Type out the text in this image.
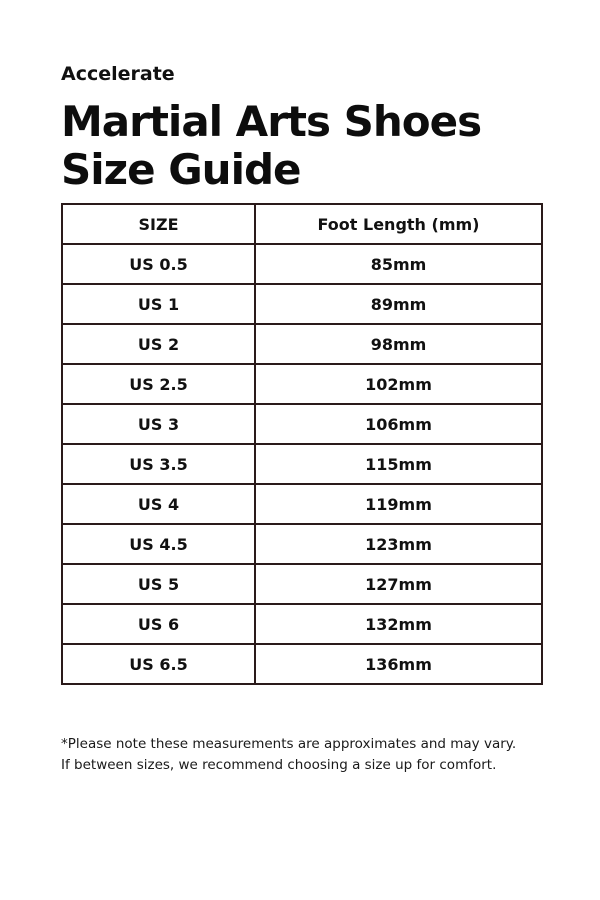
Accelerate

Martial Arts Shoes
Size Guide
SIZE	Foot Length (mm)
US 0.5	85mm
US 1	89mm
US 2	98mm
US 2.5	102mm
US 3	106mm
US 3.5	115mm
US 4	119mm
US 4.5	123mm
US 5	127mm
US 6	132mm
US 6.5	136mm

*Please note these measurements are approximates and may vary.
If between sizes, we recommend choosing a size up for comfort.
